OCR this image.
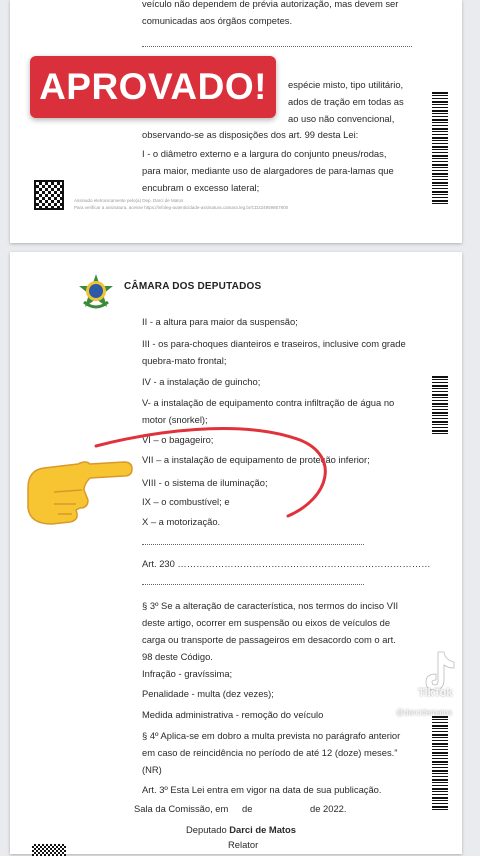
veículo não dependem de prévia autorização, mas devem ser
comunicadas aos órgãos competes.
espécie misto, tipo utilitário,
ados de tração em todas as
ao uso não convencional,
observando-se as disposições dos art. 99 desta Lei:
I - o diâmetro externo e a largura do conjunto pneus/rodas,
para maior, mediante uso de alargadores de para-lamas que
encubram o excesso lateral;
Assinado eletronicamente pelo(a) Dep. Darci de Matos
Para verificar a assinatura, acesse https://infoleg-autenticidade-assinatura.camara.leg.br/CD224959867900
CÂMARA DOS DEPUTADOS
II - a altura para maior da suspensão;
III - os para-choques dianteiros e traseiros, inclusive com grade
quebra-mato frontal;
IV - a instalação de guincho;
V- a instalação de equipamento contra infiltração de água no
motor (snorkel);
VI – o bagageiro;
VII – a instalação de equipamento de proteção inferior;
VIII - o sistema de iluminação;
IX – o combustível; e
X – a motorização.
Art. 230 ………………………………………………………………………
§ 3º Se a alteração de característica, nos termos do inciso VII
deste artigo, ocorrer em suspensão ou eixos de veículos de
carga ou transporte de passageiros em desacordo com o art.
98 deste Código.
Infração - gravíssima;
Penalidade - multa (dez vezes);
Medida administrativa - remoção do veículo
§ 4º Aplica-se em dobro a multa prevista no parágrafo anterior
em caso de reincidência no período de até 12 (doze) meses.”
(NR)
Art. 3º Esta Lei entra em vigor na data de sua publicação.
Sala da Comissão, em de	de 2022.
Deputado Darci de Matos
Relator
APROVADO!
TikTok
@darcidematos
